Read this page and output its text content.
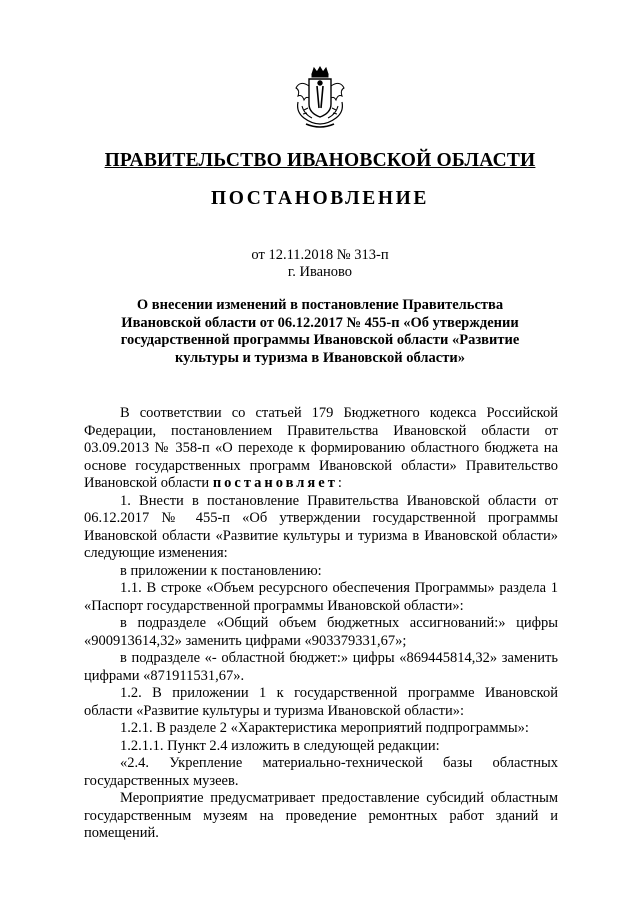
ПРАВИТЕЛЬСТВО ИВАНОВСКОЙ ОБЛАСТИ
ПОСТАНОВЛЕНИЕ
от 12.11.2018 № 313-п
г. Иваново
О внесении изменений в постановление Правительства
Ивановской области от 06.12.2017 № 455-п «Об утверждении
государственной программы Ивановской области «Развитие
культуры и туризма в Ивановской области»

В соответствии со статьей 179 Бюджетного кодекса Российской Федерации, постановлением Правительства Ивановской области от 03.09.2013 № 358-п «О переходе к формированию областного бюджета на основе государственных программ Ивановской области» Правительство Ивановской области постановляет:

1. Внести в постановление Правительства Ивановской области от 06.12.2017 № 455-п «Об утверждении государственной программы Ивановской области «Развитие культуры и туризма в Ивановской области» следующие изменения:

в приложении к постановлению:

1.1. В строке «Объем ресурсного обеспечения Программы» раздела 1 «Паспорт государственной программы Ивановской области»:

в подразделе «Общий объем бюджетных ассигнований:» цифры «900913614,32» заменить цифрами «903379331,67»;

в подразделе «- областной бюджет:» цифры «869445814,32» заменить цифрами «871911531,67».

1.2. В приложении 1 к государственной программе Ивановской области «Развитие культуры и туризма Ивановской области»:

1.2.1. В разделе 2 «Характеристика мероприятий подпрограммы»:

1.2.1.1. Пункт 2.4 изложить в следующей редакции:

«2.4. Укрепление материально-технической базы областных государственных музеев.

Мероприятие предусматривает предоставление субсидий областным государственным музеям на проведение ремонтных работ зданий и помещений.
